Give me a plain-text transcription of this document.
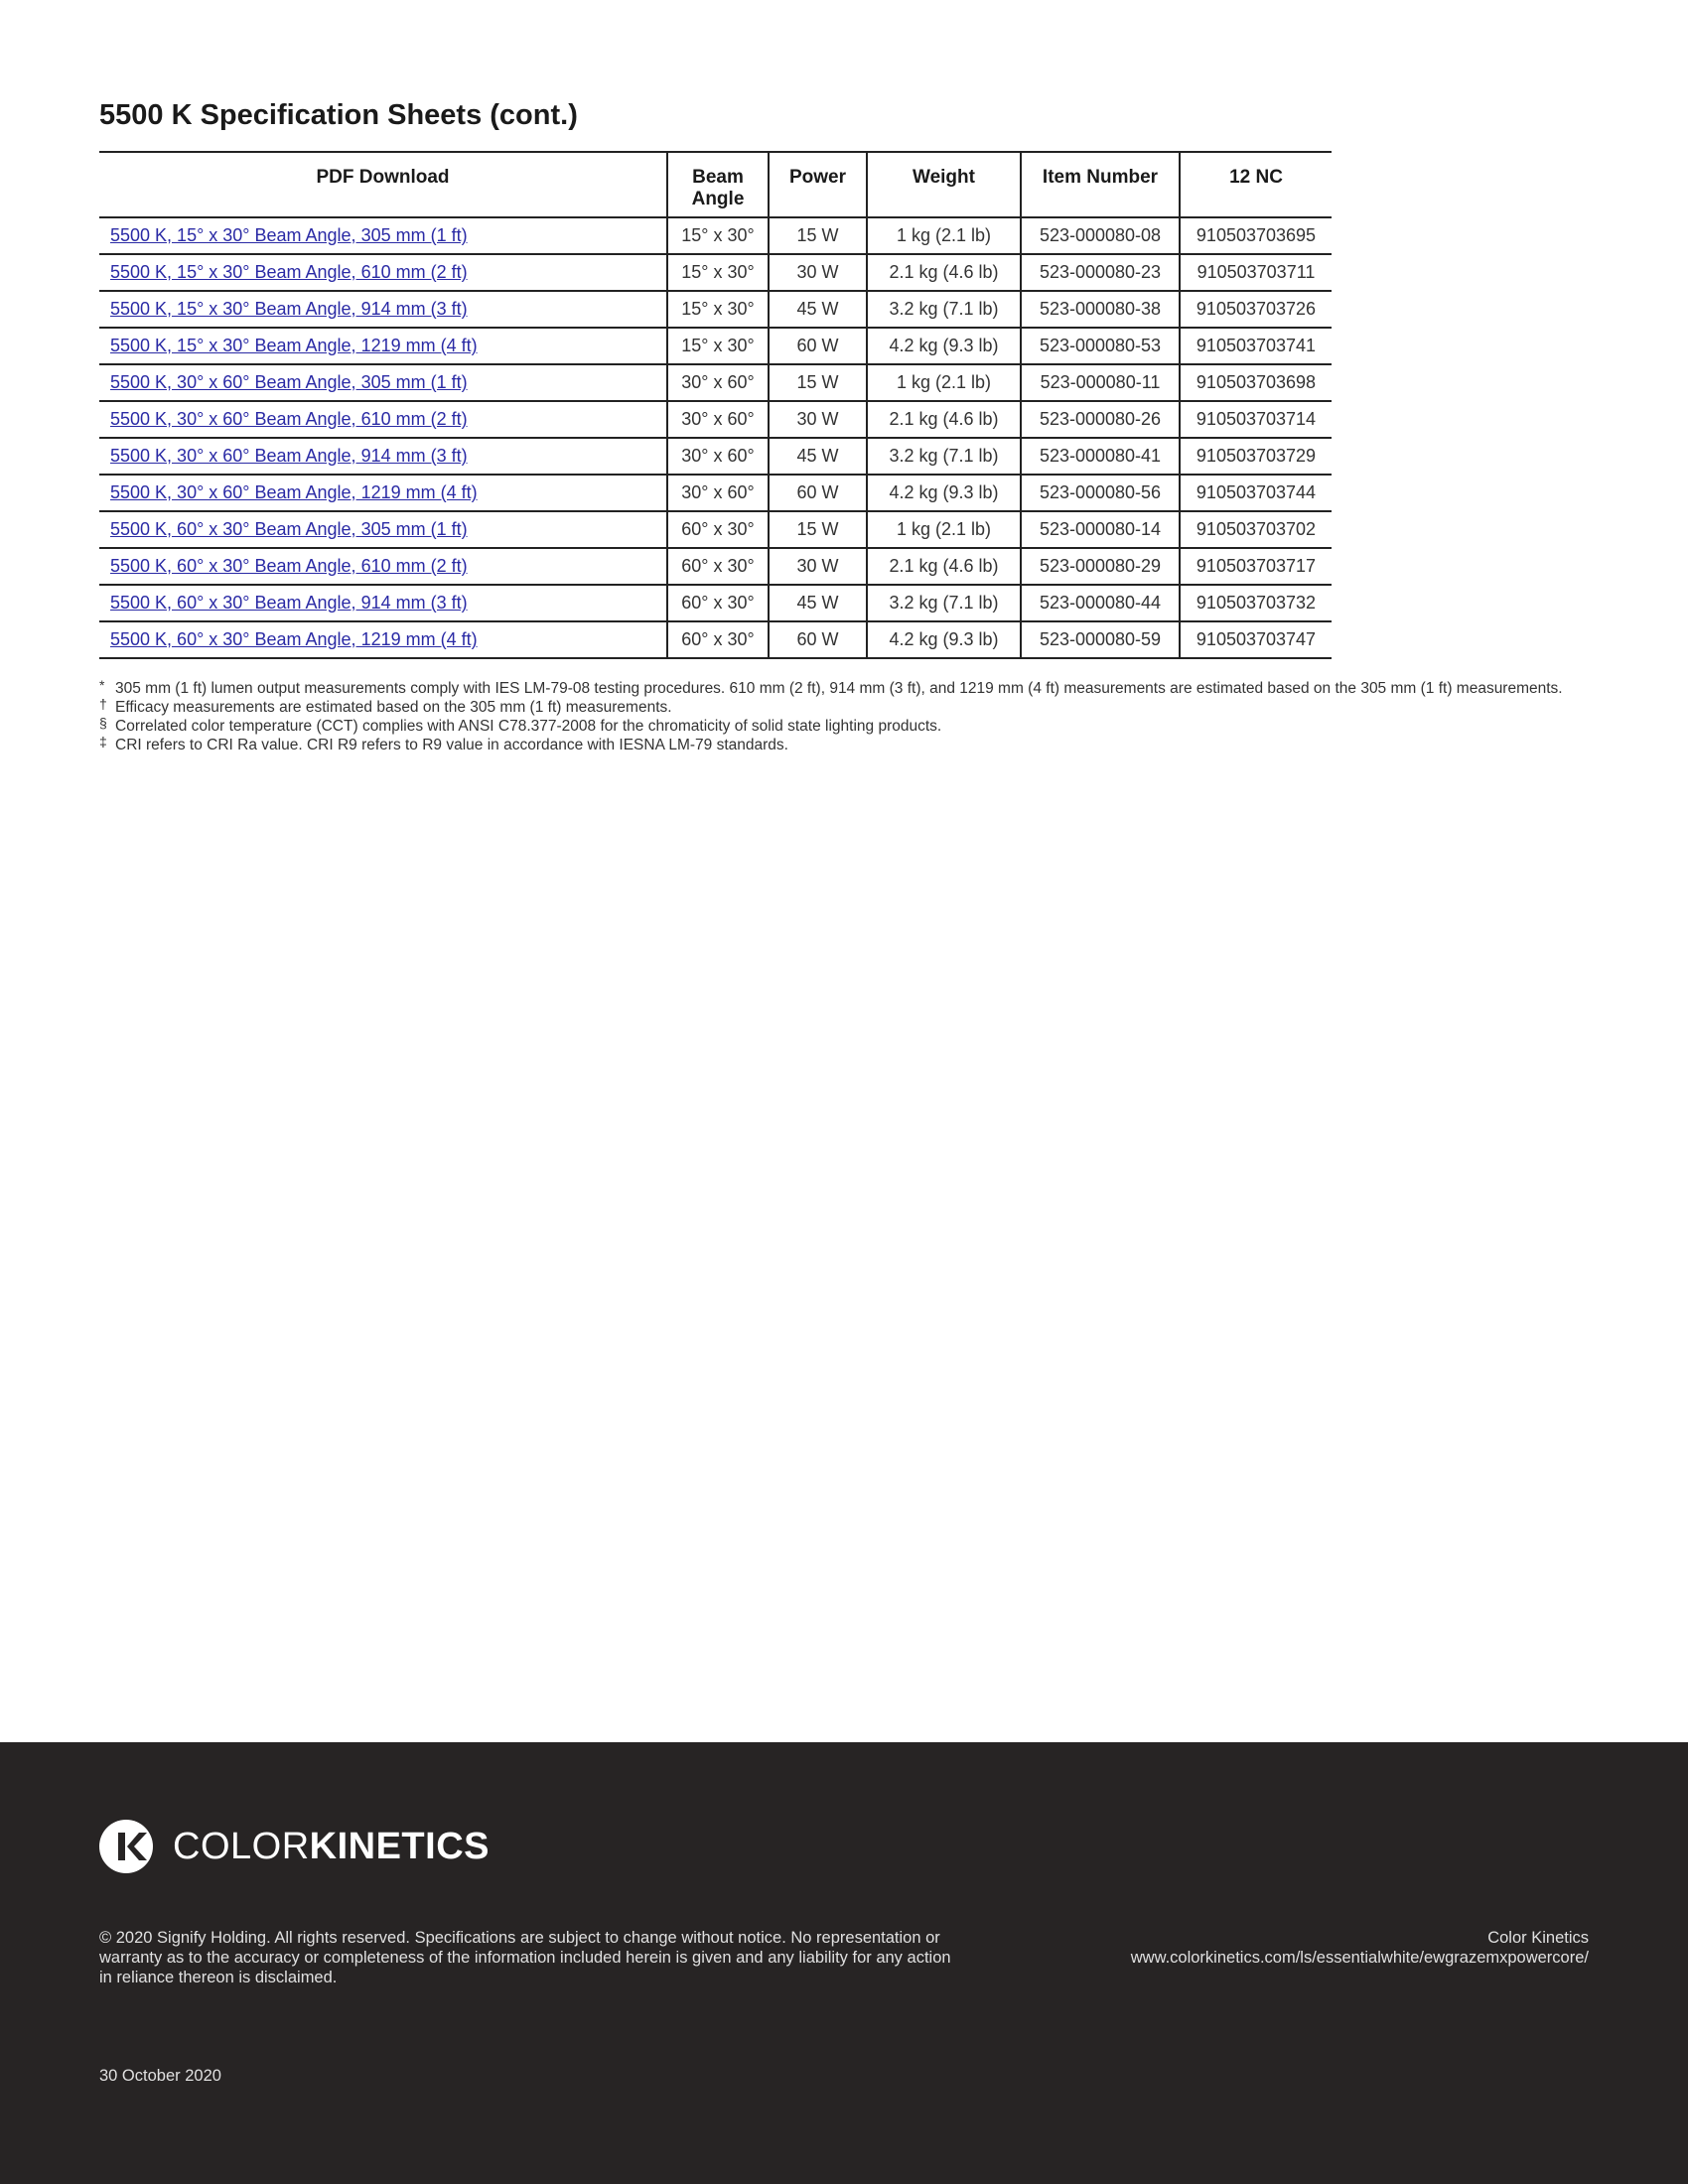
5500 K Specification Sheets (cont.)
PDF Download	Beam Angle	Power	Weight	Item Number	12 NC
5500 K, 15° x 30° Beam Angle, 305 mm (1 ft)	15° x 30°	15 W	1 kg (2.1 lb)	523-000080-08	910503703695
5500 K, 15° x 30° Beam Angle, 610 mm (2 ft)	15° x 30°	30 W	2.1 kg (4.6 lb)	523-000080-23	910503703711
5500 K, 15° x 30° Beam Angle, 914 mm (3 ft)	15° x 30°	45 W	3.2 kg (7.1 lb)	523-000080-38	910503703726
5500 K, 15° x 30° Beam Angle, 1219 mm (4 ft)	15° x 30°	60 W	4.2 kg (9.3 lb)	523-000080-53	910503703741
5500 K, 30° x 60° Beam Angle, 305 mm (1 ft)	30° x 60°	15 W	1 kg (2.1 lb)	523-000080-11	910503703698
5500 K, 30° x 60° Beam Angle, 610 mm (2 ft)	30° x 60°	30 W	2.1 kg (4.6 lb)	523-000080-26	910503703714
5500 K, 30° x 60° Beam Angle, 914 mm (3 ft)	30° x 60°	45 W	3.2 kg (7.1 lb)	523-000080-41	910503703729
5500 K, 30° x 60° Beam Angle, 1219 mm (4 ft)	30° x 60°	60 W	4.2 kg (9.3 lb)	523-000080-56	910503703744
5500 K, 60° x 30° Beam Angle, 305 mm (1 ft)	60° x 30°	15 W	1 kg (2.1 lb)	523-000080-14	910503703702
5500 K, 60° x 30° Beam Angle, 610 mm (2 ft)	60° x 30°	30 W	2.1 kg (4.6 lb)	523-000080-29	910503703717
5500 K, 60° x 30° Beam Angle, 914 mm (3 ft)	60° x 30°	45 W	3.2 kg (7.1 lb)	523-000080-44	910503703732
5500 K, 60° x 30° Beam Angle, 1219 mm (4 ft)	60° x 30°	60 W	4.2 kg (9.3 lb)	523-000080-59	910503703747
* 305 mm (1 ft) lumen output measurements comply with IES LM-79-08 testing procedures. 610 mm (2 ft), 914 mm (3 ft), and 1219 mm (4 ft) measurements are estimated based on the 305 mm (1 ft) measurements.
† Efficacy measurements are estimated based on the 305 mm (1 ft) measurements.
§ Correlated color temperature (CCT) complies with ANSI C78.377-2008 for the chromaticity of solid state lighting products.
‡ CRI refers to CRI Ra value. CRI R9 refers to R9 value in accordance with IESNA LM-79 standards.
COLORKINETICS
© 2020 Signify Holding. All rights reserved. Specifications are subject to change without notice. No representation or warranty as to the accuracy or completeness of the information included herein is given and any liability for any action in reliance thereon is disclaimed.
Color Kinetics
www.colorkinetics.com/ls/essentialwhite/ewgrazemxpowercore/
30 October 2020
